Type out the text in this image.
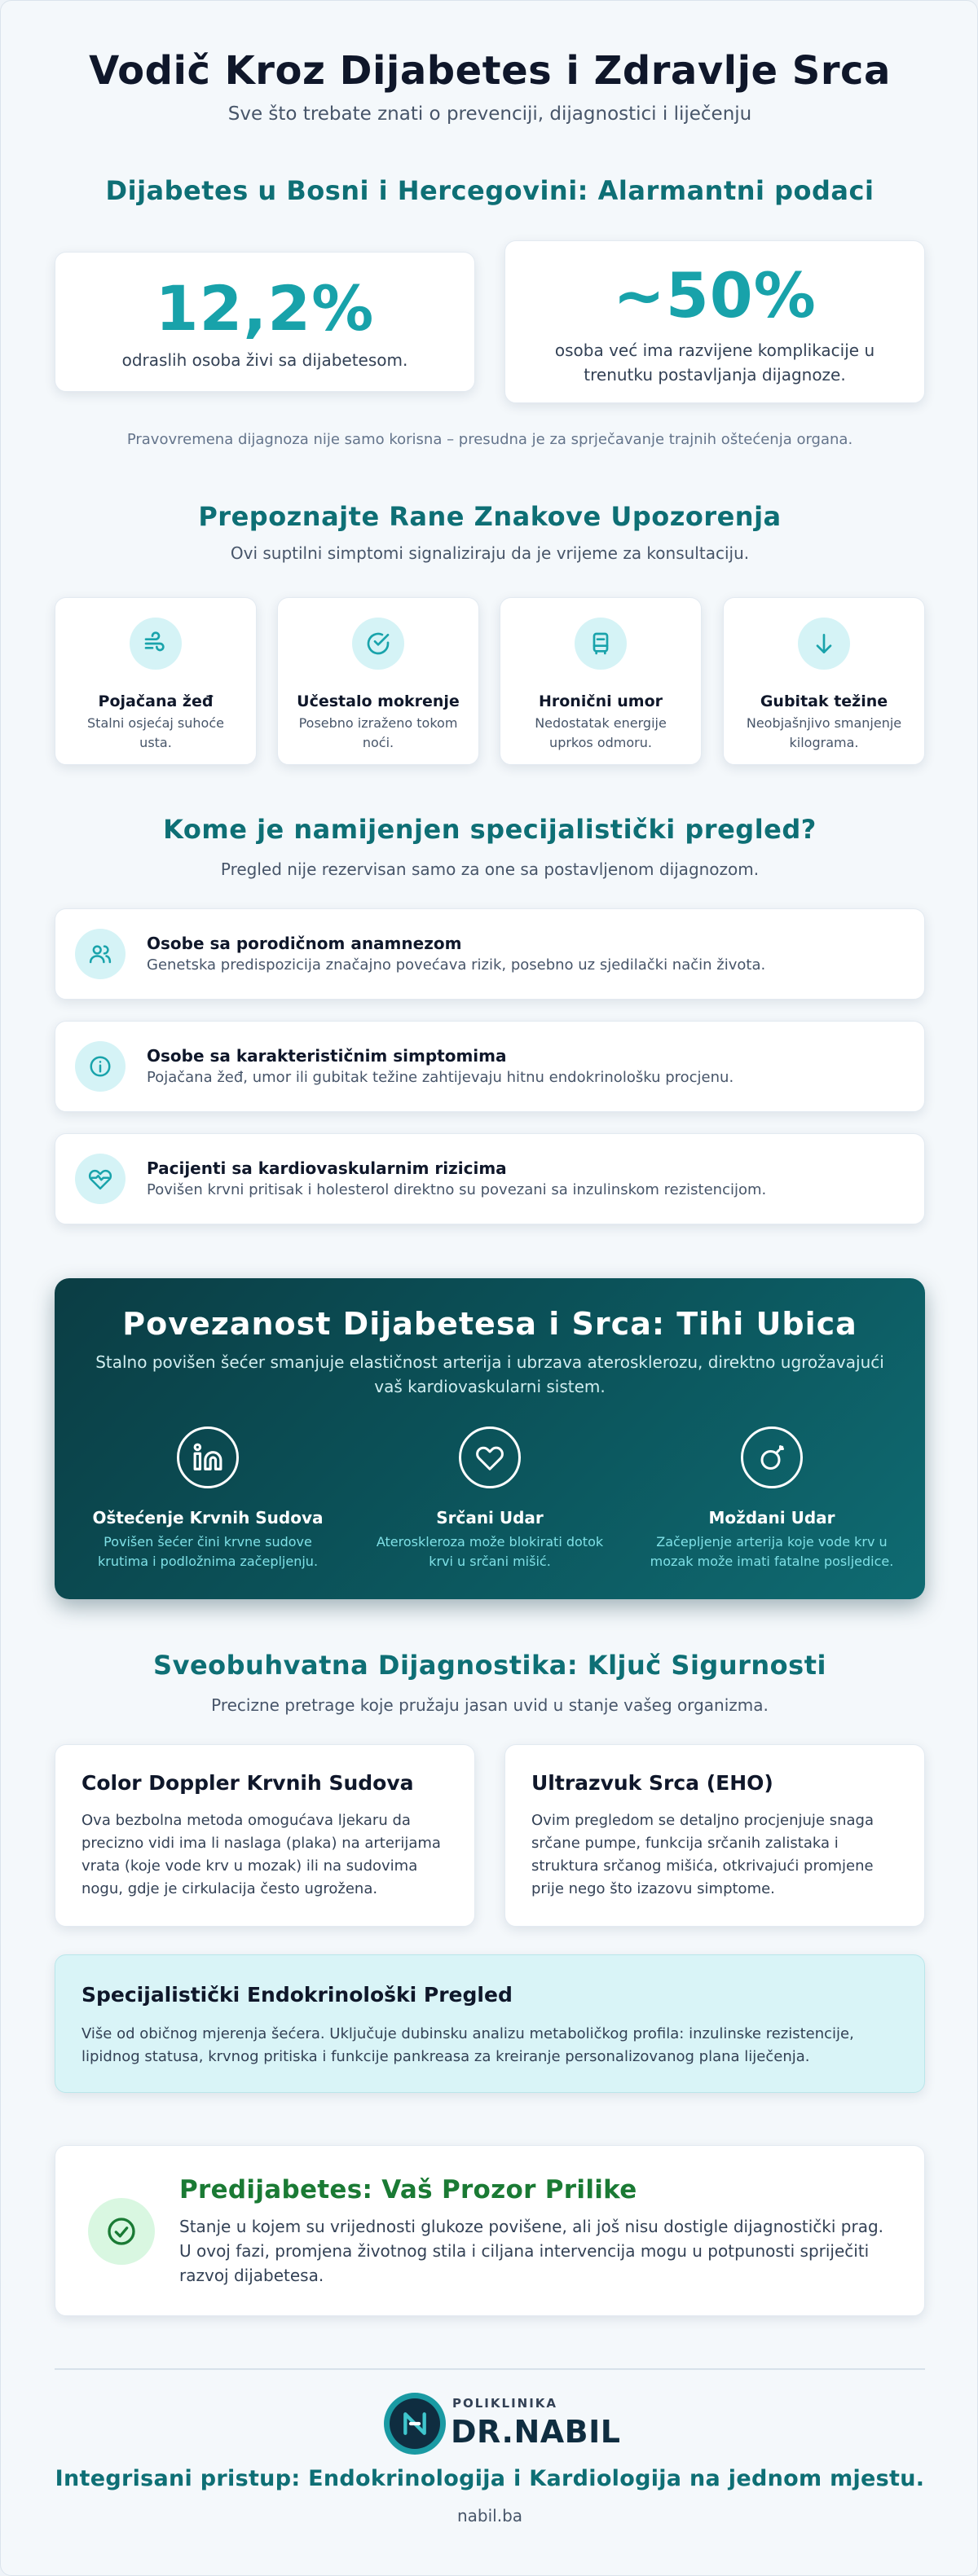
Vodič Kroz Dijabetes i Zdravlje Srca
Sve što trebate znati o prevenciji, dijagnostici i liječenju
Dijabetes u Bosni i Hercegovini: Alarmantni podaci
12,2%
odraslih osoba živi sa dijabetesom.
~50%
osoba već ima razvijene komplikacije u
trenutku postavljanja dijagnoze.
Pravovremena dijagnoza nije samo korisna – presudna je za sprječavanje trajnih oštećenja organa.
Prepoznajte Rane Znakove Upozorenja
Ovi suptilni simptomi signaliziraju da je vrijeme za konsultaciju.
Pojačana žeđ
Stalni osjećaj suhoće
usta.
Učestalo mokrenje
Posebno izraženo tokom
noći.
Hronični umor
Nedostatak energije
uprkos odmoru.
Gubitak težine
Neobjašnjivo smanjenje
kilograma.
Kome je namijenjen specijalistički pregled?
Pregled nije rezervisan samo za one sa postavljenom dijagnozom.
Osobe sa porodičnom anamnezom
Genetska predispozicija značajno povećava rizik, posebno uz sjedilački način života.
Osobe sa karakterističnim simptomima
Pojačana žeđ, umor ili gubitak težine zahtijevaju hitnu endokrinološku procjenu.
Pacijenti sa kardiovaskularnim rizicima
Povišen krvni pritisak i holesterol direktno su povezani sa inzulinskom rezistencijom.
Povezanost Dijabetesa i Srca: Tihi Ubica
Stalno povišen šećer smanjuje elastičnost arterija i ubrzava aterosklerozu, direktno ugrožavajući
vaš kardiovaskularni sistem.
Oštećenje Krvnih Sudova
Povišen šećer čini krvne sudove
krutima i podložnima začepljenju.
Srčani Udar
Ateroskleroza može blokirati dotok
krvi u srčani mišić.
Moždani Udar
Začepljenje arterija koje vode krv u
mozak može imati fatalne posljedice.
Sveobuhvatna Dijagnostika: Ključ Sigurnosti
Precizne pretrage koje pružaju jasan uvid u stanje vašeg organizma.
Color Doppler Krvnih Sudova
Ova bezbolna metoda omogućava ljekaru da
precizno vidi ima li naslaga (plaka) na arterijama
vrata (koje vode krv u mozak) ili na sudovima
nogu, gdje je cirkulacija često ugrožena.
Ultrazvuk Srca (EHO)
Ovim pregledom se detaljno procjenjuje snaga
srčane pumpe, funkcija srčanih zalistaka i
struktura srčanog mišića, otkrivajući promjene
prije nego što izazovu simptome.
Specijalistički Endokrinološki Pregled
Više od običnog mjerenja šećera. Uključuje dubinsku analizu metaboličkog profila: inzulinske rezistencije,
lipidnog statusa, krvnog pritiska i funkcije pankreasa za kreiranje personalizovanog plana liječenja.
Predijabetes: Vaš Prozor Prilike
Stanje u kojem su vrijednosti glukoze povišene, ali još nisu dostigle dijagnostički prag.
U ovoj fazi, promjena životnog stila i ciljana intervencija mogu u potpunosti spriječiti
razvoj dijabetesa.
POLIKLINIKA
DR.NABIL
Integrisani pristup: Endokrinologija i Kardiologija na jednom mjestu.
nabil.ba
